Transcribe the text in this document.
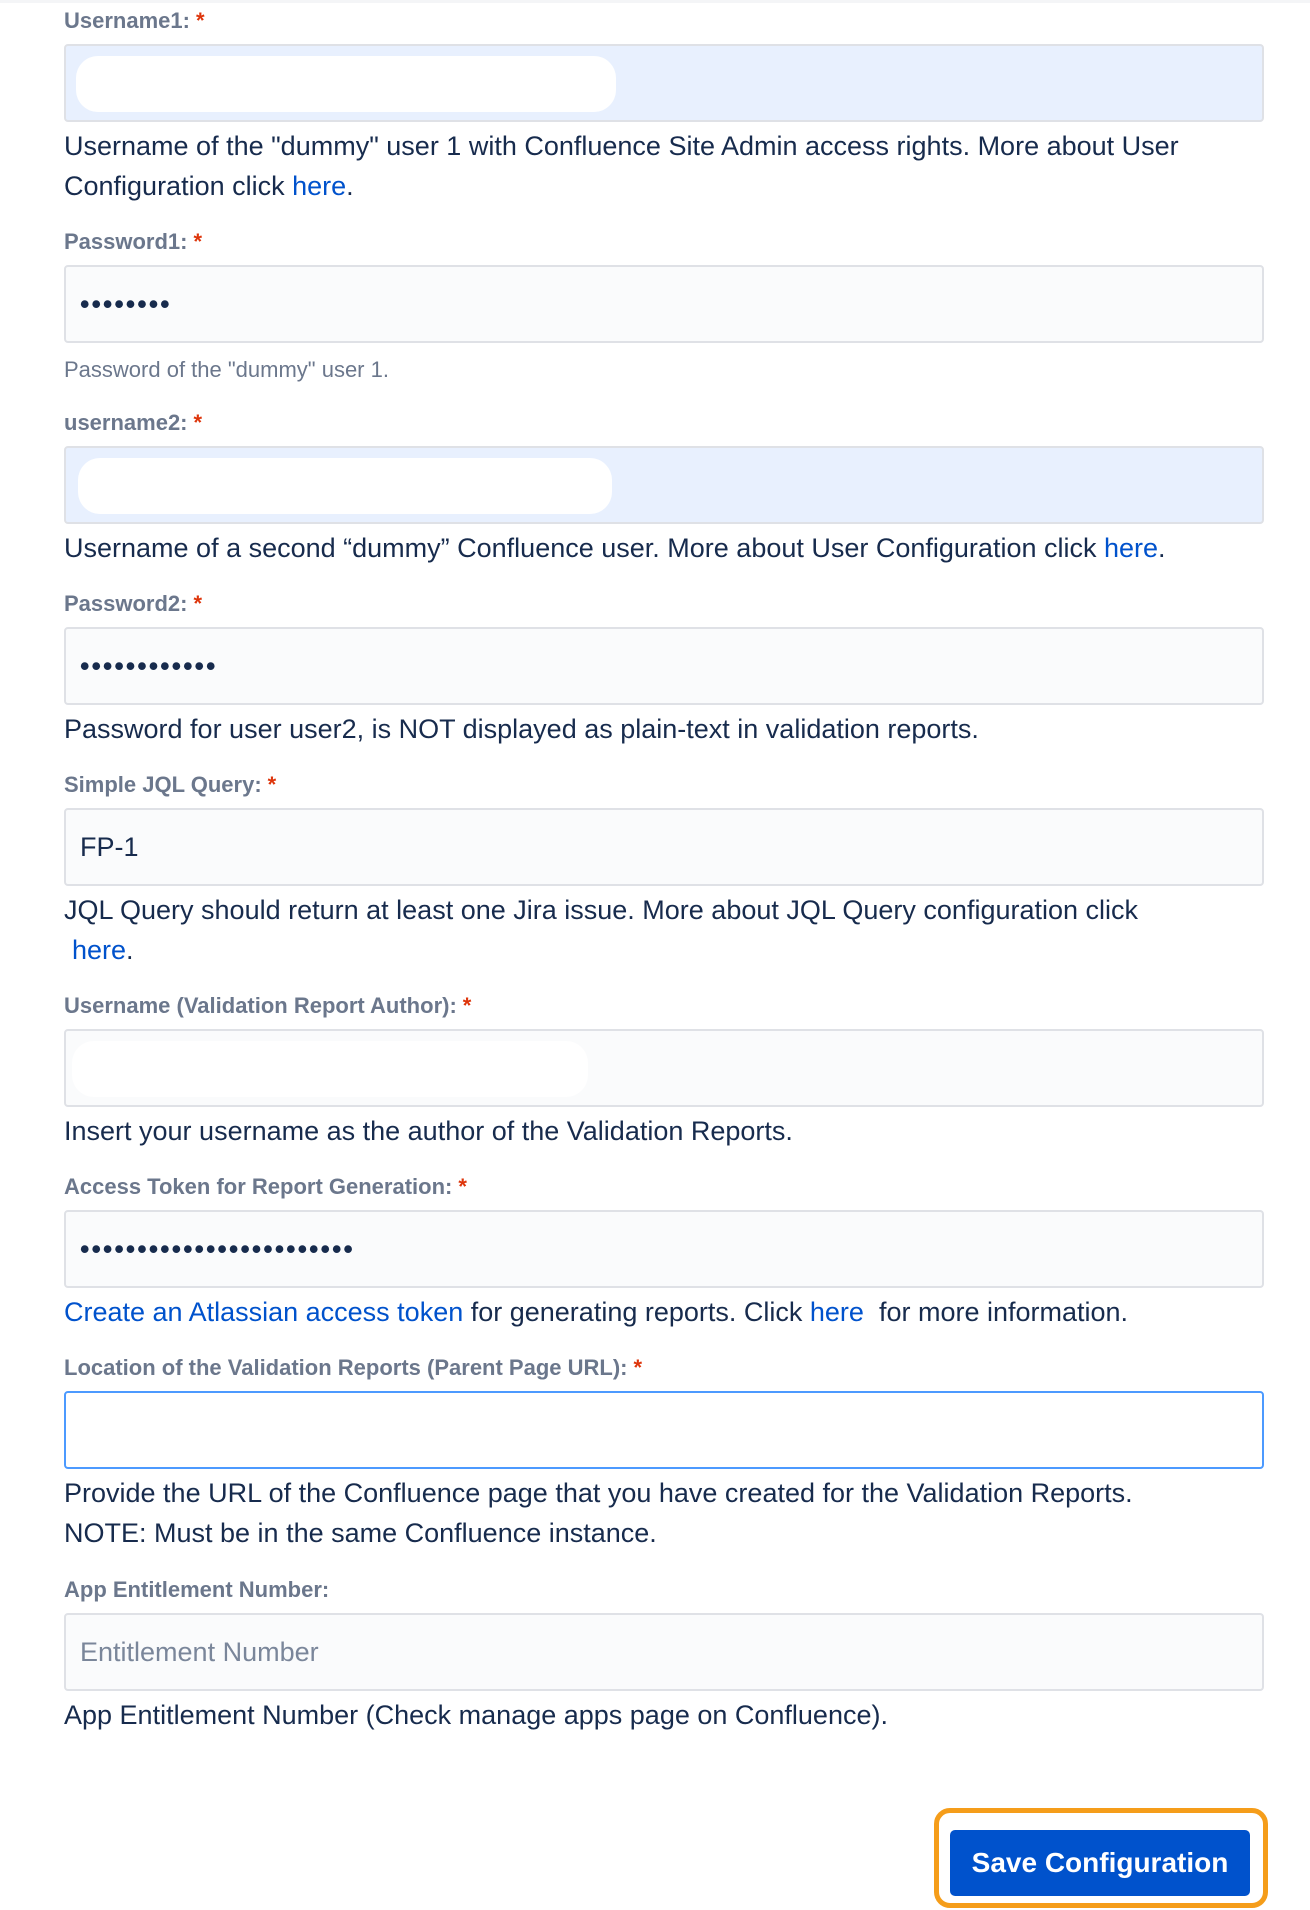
Username1: *
Username of the "dummy" user 1 with Confluence Site Admin access rights. More about User Configuration click here.
Password1: *
••••••••
Password of the "dummy" user 1.
username2: *
Username of a second “dummy” Confluence user. More about User Configuration click here.
Password2: *
••••••••••••
Password for user user2, is NOT displayed as plain-text in validation reports.
Simple JQL Query: *
FP-1
JQL Query should return at least one Jira issue. More about JQL Query configuration click
here.
Username (Validation Report Author): *
Insert your username as the author of the Validation Reports.
Access Token for Report Generation: *
••••••••••••••••••••••••
Create an Atlassian access token for generating reports. Click here  for more information.
Location of the Validation Reports (Parent Page URL): *
Provide the URL of the Confluence page that you have created for the Validation Reports.
NOTE: Must be in the same Confluence instance.
App Entitlement Number:
Entitlement Number
App Entitlement Number (Check manage apps page on Confluence).
Save Configuration
